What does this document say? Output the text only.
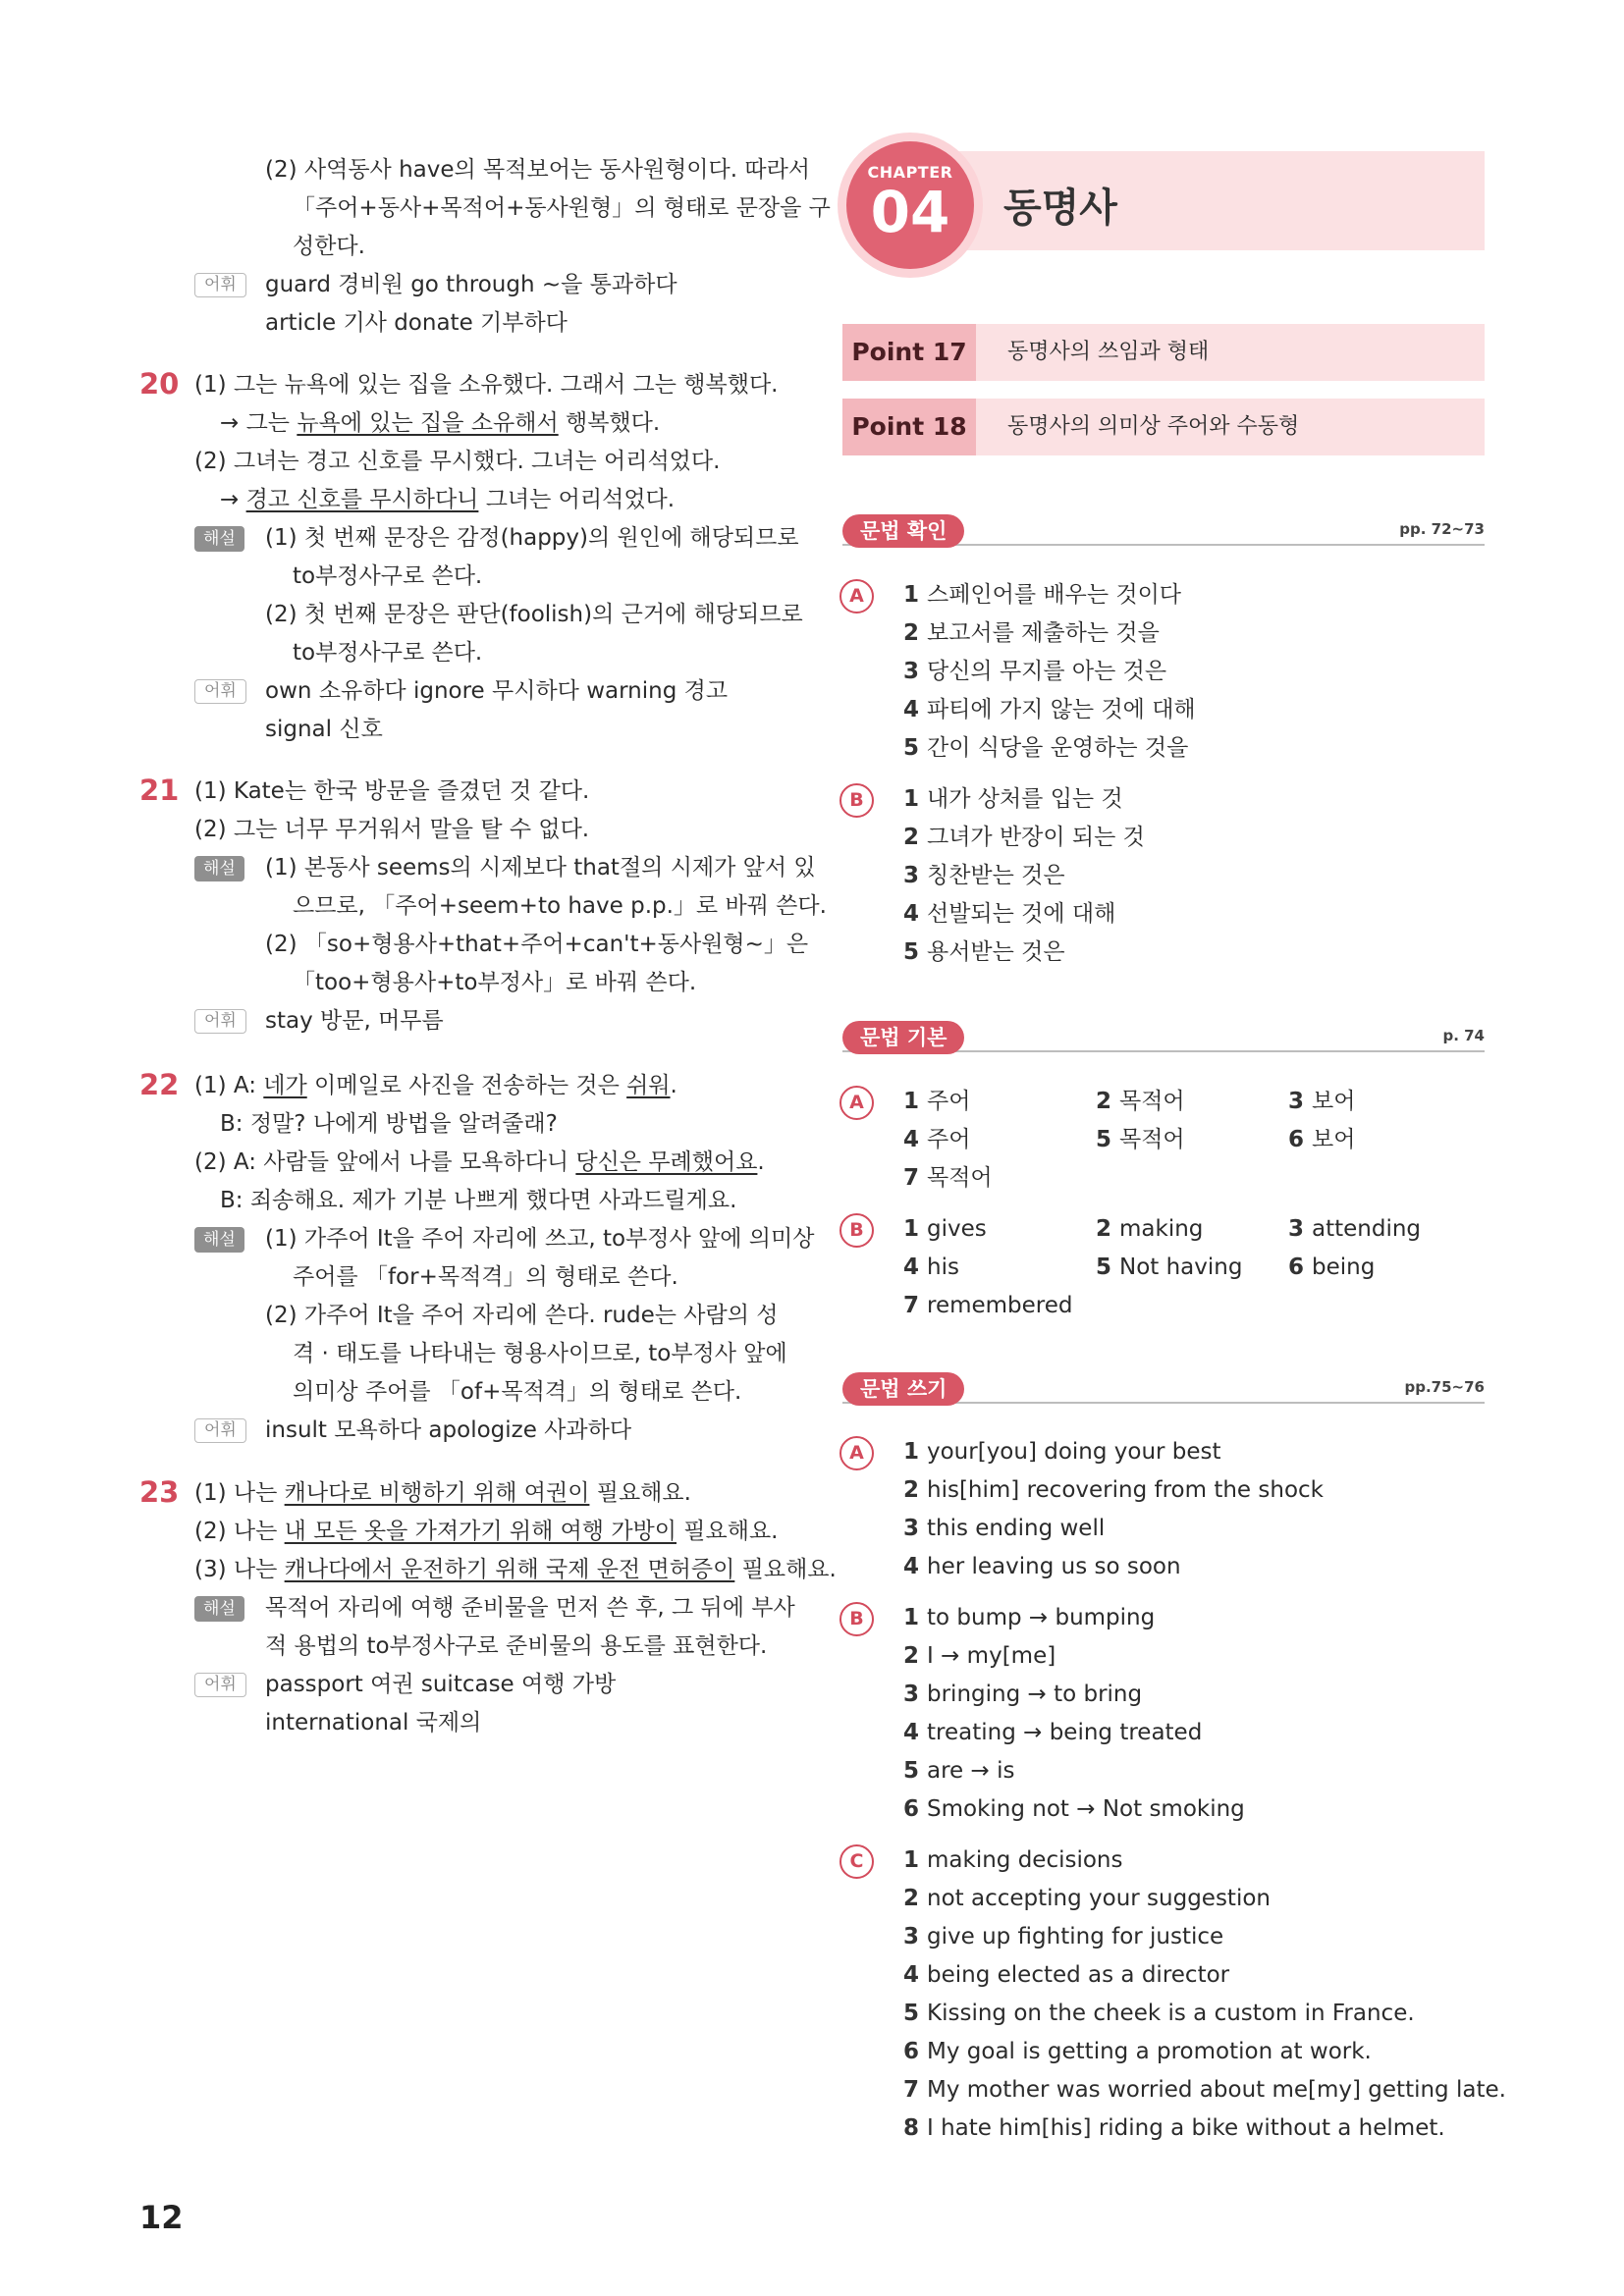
(2) 사역동사 have의 목적보어는 동사원형이다. 따라서
「주어+동사+목적어+동사원형」의 형태로 문장을 구
성한다.
어휘	guard 경비원 go through ~을 통과하다
article 기사 donate 기부하다
20 (1) 그는 뉴욕에 있는 집을 소유했다. 그래서 그는 행복했다.
→ 그는 뉴욕에 있는 집을 소유해서 행복했다.
(2) 그녀는 경고 신호를 무시했다. 그녀는 어리석었다.
→ 경고 신호를 무시하다니 그녀는 어리석었다.
해설	(1) 첫 번째 문장은 감정(happy)의 원인에 해당되므로
to부정사구로 쓴다.
(2) 첫 번째 문장은 판단(foolish)의 근거에 해당되므로
to부정사구로 쓴다.
어휘	own 소유하다 ignore 무시하다 warning 경고
signal 신호
21 (1) Kate는 한국 방문을 즐겼던 것 같다.
(2) 그는 너무 무거워서 말을 탈 수 없다.
해설	(1) 본동사 seems의 시제보다 that절의 시제가 앞서 있
으므로, 「주어+seem+to have p.p.」로 바꿔 쓴다.
(2) 「so+형용사+that+주어+can't+동사원형~」은
「too+형용사+to부정사」로 바꿔 쓴다.
어휘	stay 방문, 머무름
22 (1) A: 네가 이메일로 사진을 전송하는 것은 쉬워.
B: 정말? 나에게 방법을 알려줄래?
(2) A: 사람들 앞에서 나를 모욕하다니 당신은 무례했어요.
B: 죄송해요. 제가 기분 나쁘게 했다면 사과드릴게요.
해설	(1) 가주어 It을 주어 자리에 쓰고, to부정사 앞에 의미상
주어를 「for+목적격」의 형태로 쓴다.
(2) 가주어 It을 주어 자리에 쓴다. rude는 사람의 성
격 · 태도를 나타내는 형용사이므로, to부정사 앞에
의미상 주어를 「of+목적격」의 형태로 쓴다.
어휘	insult 모욕하다 apologize 사과하다
23 (1) 나는 캐나다로 비행하기 위해 여권이 필요해요.
(2) 나는 내 모든 옷을 가져가기 위해 여행 가방이 필요해요.
(3) 나는 캐나다에서 운전하기 위해 국제 운전 면허증이 필요해요.
해설	목적어 자리에 여행 준비물을 먼저 쓴 후, 그 뒤에 부사
적 용법의 to부정사구로 준비물의 용도를 표현한다.
어휘	passport 여권 suitcase 여행 가방
international 국제의
CHAPTER
04	동명사
Point 17	동명사의 쓰임과 형태
Point 18	동명사의 의미상 주어와 수동형
문법 확인	pp. 72~73
A	1 스페인어를 배우는 것이다
2 보고서를 제출하는 것을
3 당신의 무지를 아는 것은
4 파티에 가지 않는 것에 대해
5 간이 식당을 운영하는 것을
B	1 내가 상처를 입는 것
2 그녀가 반장이 되는 것
3 칭찬받는 것은
4 선발되는 것에 대해
5 용서받는 것은
문법 기본	p. 74
A	1 주어	2 목적어	3 보어
4 주어	5 목적어	6 보어
7 목적어
B	1 gives	2 making	3 attending
4 his	5 Not having 6 being
7 remembered
문법 쓰기	pp.75~76
A	1 your[you] doing your best
2 his[him] recovering from the shock
3 this ending well
4 her leaving us so soon
B	1 to bump → bumping
2 I → my[me]
3 bringing → to bring
4 treating → being treated
5 are → is
6 Smoking not → Not smoking
C	1 making decisions
2 not accepting your suggestion
3 give up fighting for justice
4 being elected as a director
5 Kissing on the cheek is a custom in France.
6 My goal is getting a promotion at work.
7 My mother was worried about me[my] getting late.
8 I hate him[his] riding a bike without a helmet.
12
